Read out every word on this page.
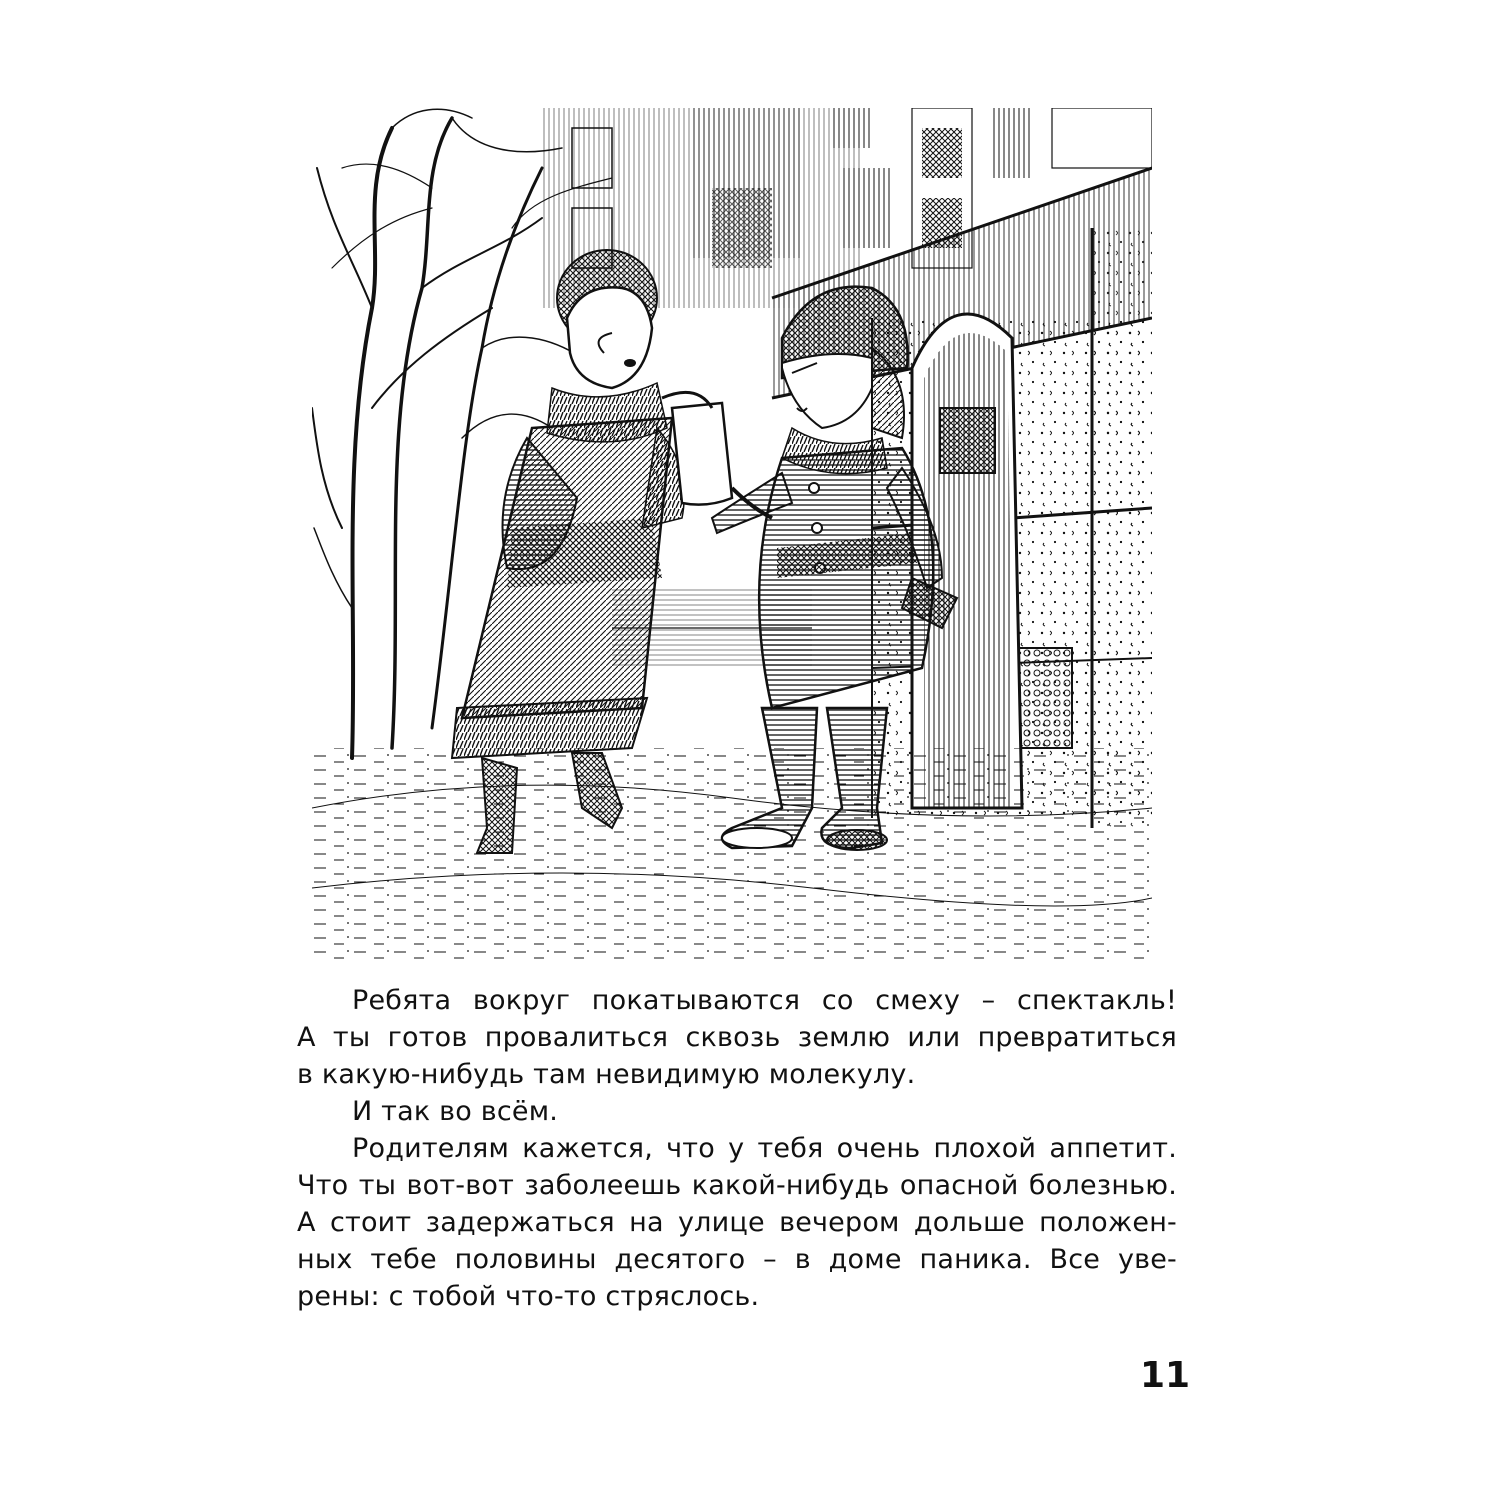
Ребята вокруг покатываются со смеху – спектакль!
А ты готов провалиться сквозь землю или превратиться
в какую-нибудь там невидимую молекулу.

И так во всём.

Родителям кажется, что у тебя очень плохой аппетит.
Что ты вот-вот заболеешь какой-нибудь опасной болезнью.
А стоит задержаться на улице вечером дольше положен-
ных тебе половины десятого – в доме паника. Все уве-
рены: с тобой что-то стряслось.

11
